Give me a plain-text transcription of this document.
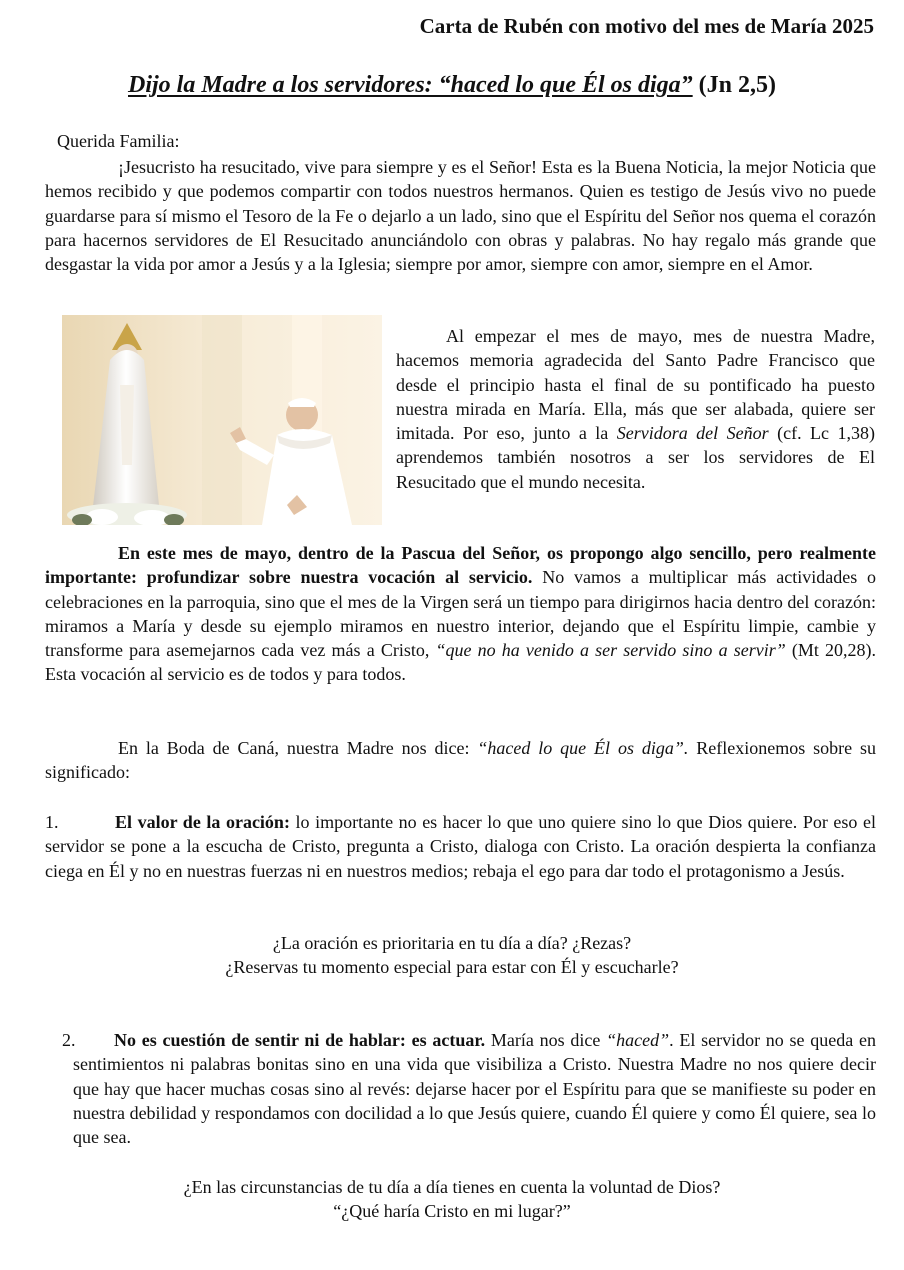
Carta de Rubén con motivo del mes de María 2025
Dijo la Madre a los servidores: “haced lo que Él os diga” (Jn 2,5)
Querida Familia:
¡Jesucristo ha resucitado, vive para siempre y es el Señor! Esta es la Buena Noticia, la mejor Noticia que hemos recibido y que podemos compartir con todos nuestros hermanos. Quien es testigo de Jesús vivo no puede guardarse para sí mismo el Tesoro de la Fe o dejarlo a un lado, sino que el Espíritu del Señor nos quema el corazón para hacernos servidores de El Resucitado anunciándolo con obras y palabras. No hay regalo más grande que desgastar la vida por amor a Jesús y a la Iglesia; siempre por amor, siempre con amor, siempre en el Amor.
Al empezar el mes de mayo, mes de nuestra Madre, hacemos memoria agradecida del Santo Padre Francisco que desde el principio hasta el final de su pontificado ha puesto nuestra mirada en María. Ella, más que ser alabada, quiere ser imitada. Por eso, junto a la Servidora del Señor (cf. Lc 1,38) aprendemos también nosotros a ser los servidores de El Resucitado que el mundo necesita.
En este mes de mayo, dentro de la Pascua del Señor, os propongo algo sencillo, pero realmente importante: profundizar sobre nuestra vocación al servicio. No vamos a multiplicar más actividades o celebraciones en la parroquia, sino que el mes de la Virgen será un tiempo para dirigirnos hacia dentro del corazón: miramos a María y desde su ejemplo miramos en nuestro interior, dejando que el Espíritu limpie, cambie y transforme para asemejarnos cada vez más a Cristo, “que no ha venido a ser servido sino a servir” (Mt 20,28). Esta vocación al servicio es de todos y para todos.
En la Boda de Caná, nuestra Madre nos dice: “haced lo que Él os diga”. Reflexionemos sobre su significado:
1.	El valor de la oración: lo importante no es hacer lo que uno quiere sino lo que Dios quiere. Por eso el servidor se pone a la escucha de Cristo, pregunta a Cristo, dialoga con Cristo. La oración despierta la confianza ciega en Él y no en nuestras fuerzas ni en nuestros medios; rebaja el ego para dar todo el protagonismo a Jesús.
¿La oración es prioritaria en tu día a día? ¿Rezas?
¿Reservas tu momento especial para estar con Él y escucharle?
2. No es cuestión de sentir ni de hablar: es actuar. María nos dice “haced”. El servidor no se queda en sentimientos ni palabras bonitas sino en una vida que visibiliza a Cristo. Nuestra Madre no nos quiere decir que hay que hacer muchas cosas sino al revés: dejarse hacer por el Espíritu para que se manifieste su poder en nuestra debilidad y respondamos con docilidad a lo que Jesús quiere, cuando Él quiere y como Él quiere, sea lo que sea.
¿En las circunstancias de tu día a día tienes en cuenta la voluntad de Dios?
“¿Qué haría Cristo en mi lugar?”
